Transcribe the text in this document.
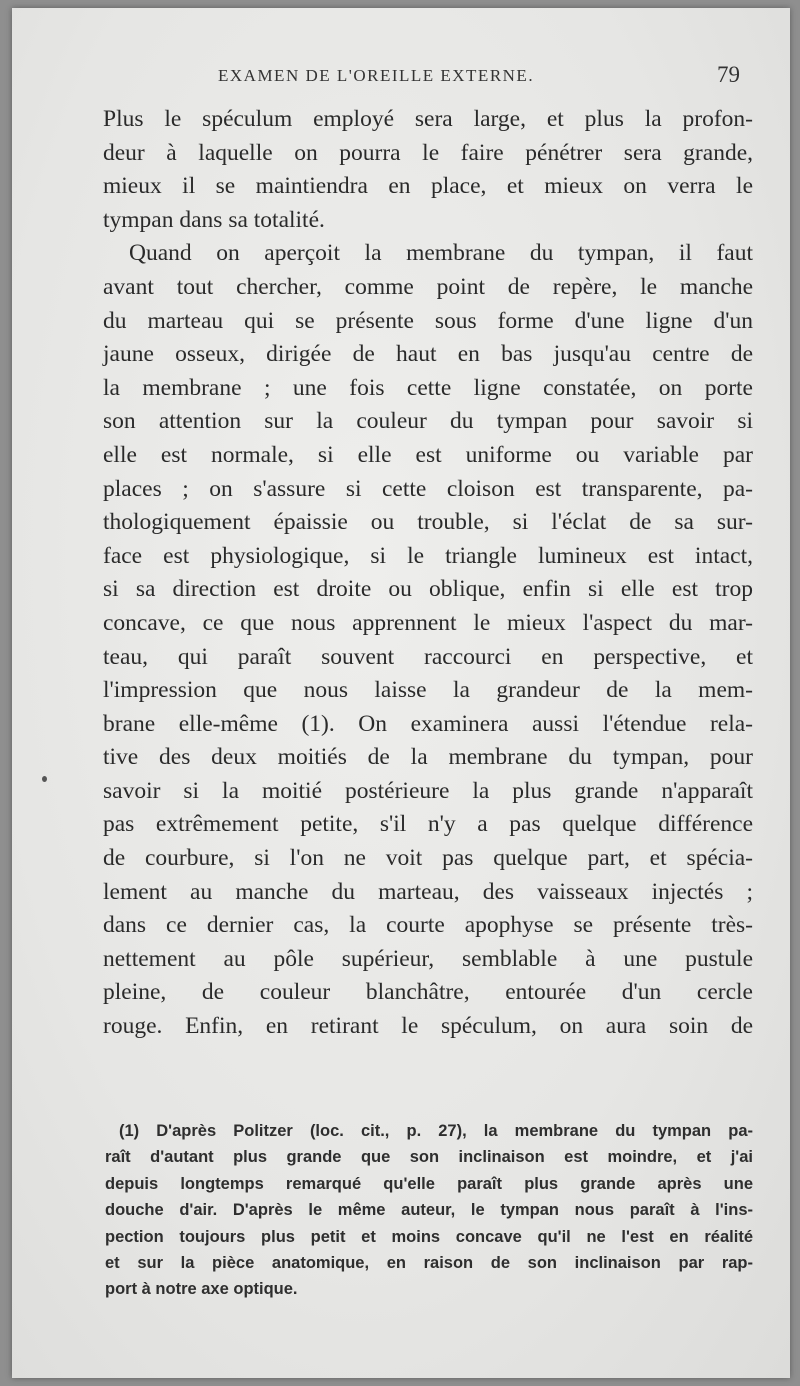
EXAMEN DE L'OREILLE EXTERNE.	79
Plus le spéculum employé sera large, et plus la profon-
deur à laquelle on pourra le faire pénétrer sera grande,
mieux il se maintiendra en place, et mieux on verra le
tympan dans sa totalité.
Quand on aperçoit la membrane du tympan, il faut
avant tout chercher, comme point de repère, le manche
du marteau qui se présente sous forme d'une ligne d'un
jaune osseux, dirigée de haut en bas jusqu'au centre de
la membrane ; une fois cette ligne constatée, on porte
son attention sur la couleur du tympan pour savoir si
elle est normale, si elle est uniforme ou variable par
places ; on s'assure si cette cloison est transparente, pa-
thologiquement épaissie ou trouble, si l'éclat de sa sur-
face est physiologique, si le triangle lumineux est intact,
si sa direction est droite ou oblique, enfin si elle est trop
concave, ce que nous apprennent le mieux l'aspect du mar-
teau, qui paraît souvent raccourci en perspective, et
l'impression que nous laisse la grandeur de la mem-
brane elle-même (1). On examinera aussi l'étendue rela-
tive des deux moitiés de la membrane du tympan, pour
savoir si la moitié postérieure la plus grande n'apparaît
pas extrêmement petite, s'il n'y a pas quelque différence
de courbure, si l'on ne voit pas quelque part, et spécia-
lement au manche du marteau, des vaisseaux injectés ;
dans ce dernier cas, la courte apophyse se présente très-
nettement au pôle supérieur, semblable à une pustule
pleine, de couleur blanchâtre, entourée d'un cercle
rouge. Enfin, en retirant le spéculum, on aura soin de
(1) D'après Politzer (loc. cit., p. 27), la membrane du tympan pa-
raît d'autant plus grande que son inclinaison est moindre, et j'ai
depuis longtemps remarqué qu'elle paraît plus grande après une
douche d'air. D'après le même auteur, le tympan nous paraît à l'ins-
pection toujours plus petit et moins concave qu'il ne l'est en réalité
et sur la pièce anatomique, en raison de son inclinaison par rap-
port à notre axe optique.
